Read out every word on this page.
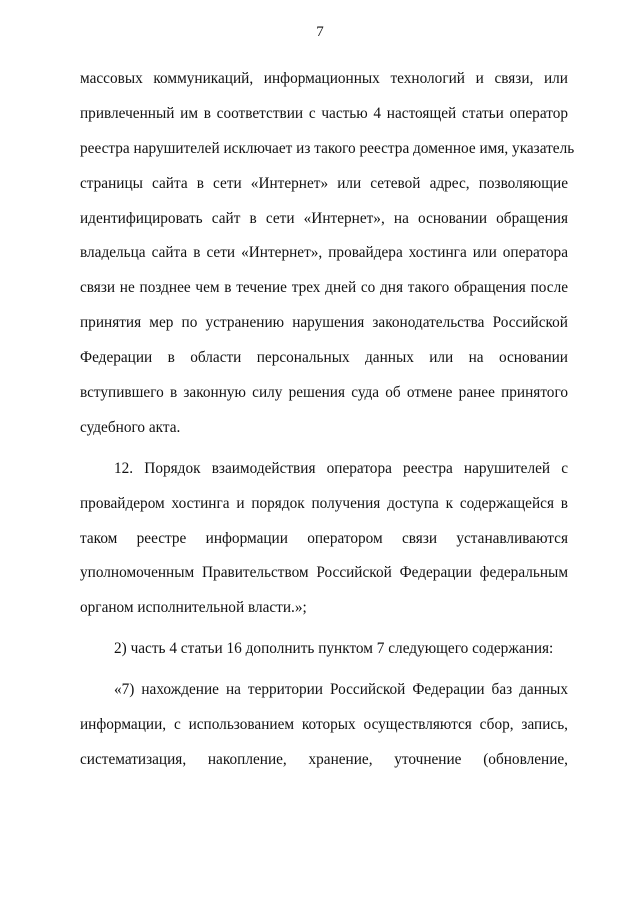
7
массовых коммуникаций, информационных технологий и связи, или
привлеченный им в соответствии с частью 4 настоящей статьи оператор
реестра нарушителей исключает из такого реестра доменное имя, указатель
страницы сайта в сети «Интернет» или сетевой адрес, позволяющие
идентифицировать сайт в сети «Интернет», на основании обращения
владельца сайта в сети «Интернет», провайдера хостинга или оператора
связи не позднее чем в течение трех дней со дня такого обращения после
принятия мер по устранению нарушения законодательства Российской
Федерации в области персональных данных или на основании
вступившего в законную силу решения суда об отмене ранее принятого
судебного акта.
12. Порядок взаимодействия оператора реестра нарушителей с
провайдером хостинга и порядок получения доступа к содержащейся в
таком реестре информации оператором связи устанавливаются
уполномоченным Правительством Российской Федерации федеральным
органом исполнительной власти.»;
2) часть 4 статьи 16 дополнить пунктом 7 следующего содержания:
«7) нахождение на территории Российской Федерации баз данных
информации, с использованием которых осуществляются сбор, запись,
систематизация, накопление, хранение, уточнение (обновление,
